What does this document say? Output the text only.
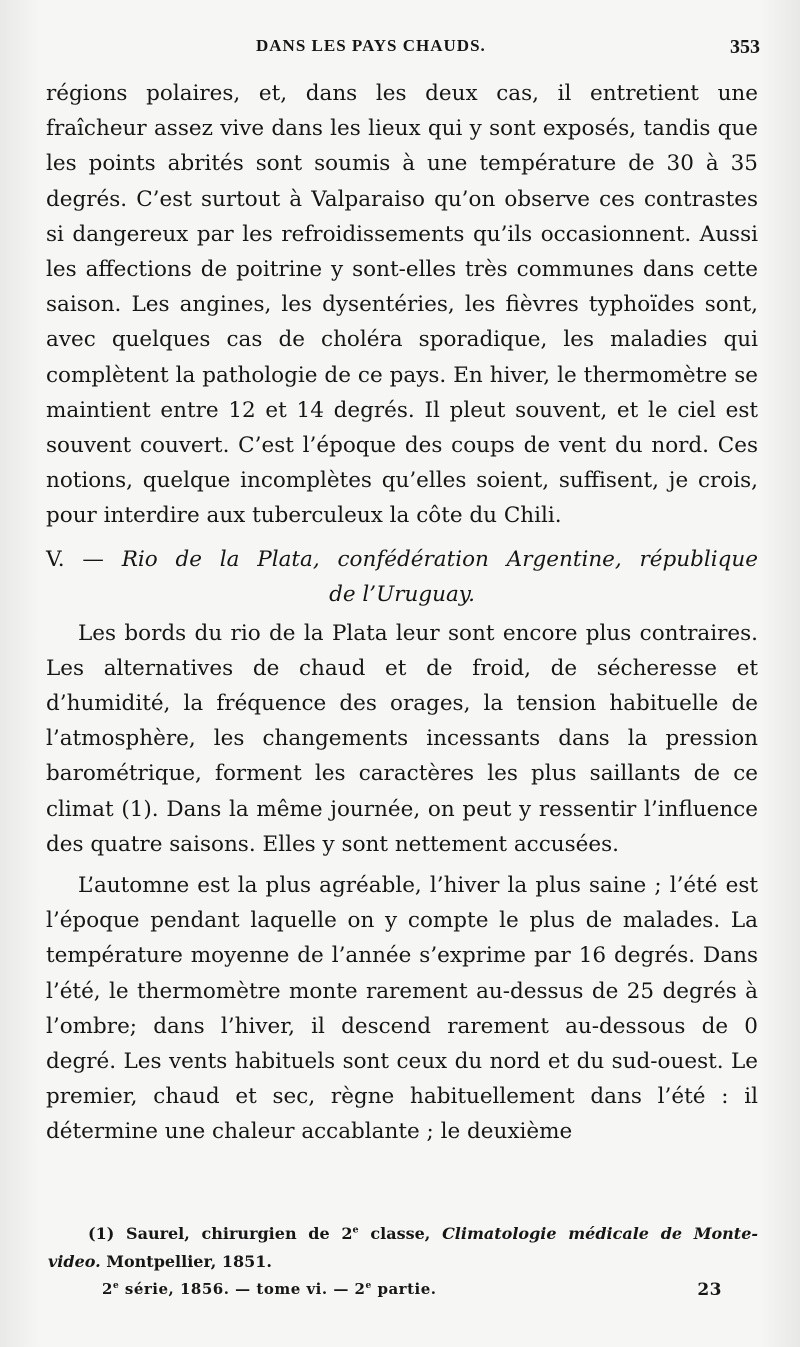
DANS LES PAYS CHAUDS.	353

régions polaires, et, dans les deux cas, il entretient une fraîcheur assez vive dans les lieux qui y sont exposés, tandis que les points abrités sont soumis à une température de 30 à 35 degrés. C’est surtout à Valparaiso qu’on observe ces contrastes si dangereux par les refroidissements qu’ils occasionnent. Aussi les affections de poitrine y sont-elles très communes dans cette saison. Les angines, les dysentéries, les fièvres typhoïdes sont, avec quelques cas de choléra sporadique, les maladies qui complètent la pathologie de ce pays. En hiver, le thermomètre se maintient entre 12 et 14 degrés. Il pleut souvent, et le ciel est souvent couvert. C’est l’époque des coups de vent du nord. Ces notions, quelque incomplètes qu’elles soient, suffisent, je crois, pour interdire aux tuberculeux la côte du Chili.

V. — Rio de la Plata, confédération Argentine, république
de l’Uruguay.

Les bords du rio de la Plata leur sont encore plus contraires. Les alternatives de chaud et de froid, de sécheresse et d’humidité, la fréquence des orages, la tension habituelle de l’atmosphère, les changements incessants dans la pression barométrique, forment les caractères les plus saillants de ce climat (1). Dans la même journée, on peut y ressentir l’influence des quatre saisons. Elles y sont nettement accusées.

L’automne est la plus agréable, l’hiver la plus saine ; l’été est l’époque pendant laquelle on y compte le plus de malades. La température moyenne de l’année s’exprime par 16 degrés. Dans l’été, le thermomètre monte rarement au-dessus de 25 degrés à l’ombre; dans l’hiver, il descend rarement au-dessous de 0 degré. Les vents habituels sont ceux du nord et du sud-ouest. Le premier, chaud et sec, règne habituellement dans l’été : il détermine une chaleur accablante ; le deuxième

(1) Saurel, chirurgien de 2e classe, Climatologie médicale de Monte-
video. Montpellier, 1851.
2e série, 1856. — tome vi. — 2e partie.	23
